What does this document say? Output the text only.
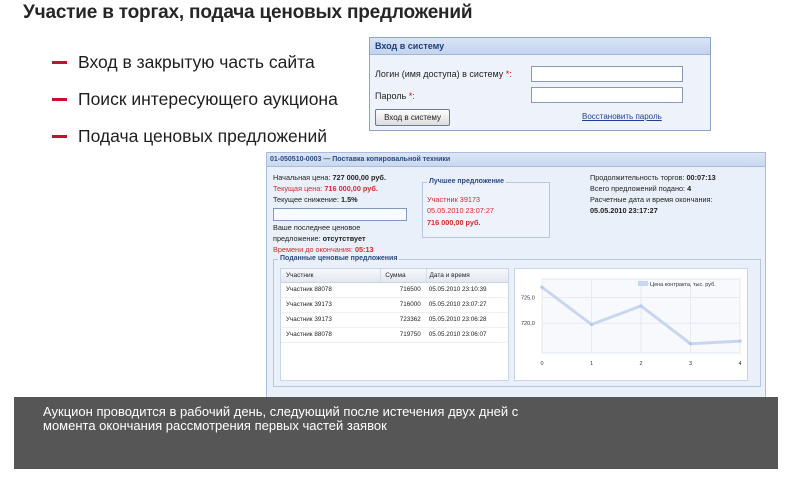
Участие в торгах, подача ценовых предложений
Вход в закрытую часть сайта
Поиск интересующего аукциона
Подача ценовых предложений
Вход в систему
Логин (имя доступа) в систему *:
Пароль *:
Вход в систему	Восстановить пароль
01-050510-0003 — Поставка копировальной техники
Начальная цена: 727 000,00 руб.
Текущая цена: 716 000,00 руб.
Текущее снижение: 1.5%
Ваше последнее ценовое
предложение: отсутствует
Времени до окончания: 05:13
Лучшее предложение
Участник 39173
05.05.2010 23:07:27
716 000,00 руб.
Продолжительность торгов: 00:07:13
Всего предложений подано: 4
Расчетные дата и время окончания:
05.05.2010 23:17:27
Поданные ценовые предложения
Участник	Сумма	Дата и время
Участник 88078	716500	05.05.2010 23:10:39
Участник 39173	716000	05.05.2010 23:07:27
Участник 39173	723362	05.05.2010 23:06:28
Участник 88078	719750	05.05.2010 23:06:07
725,0
720,0
0	1	2	3	4
Цена контракта, тыс. руб.
Аукцион проводится в рабочий день, следующий после истечения двух дней с
момента окончания рассмотрения первых частей заявок
